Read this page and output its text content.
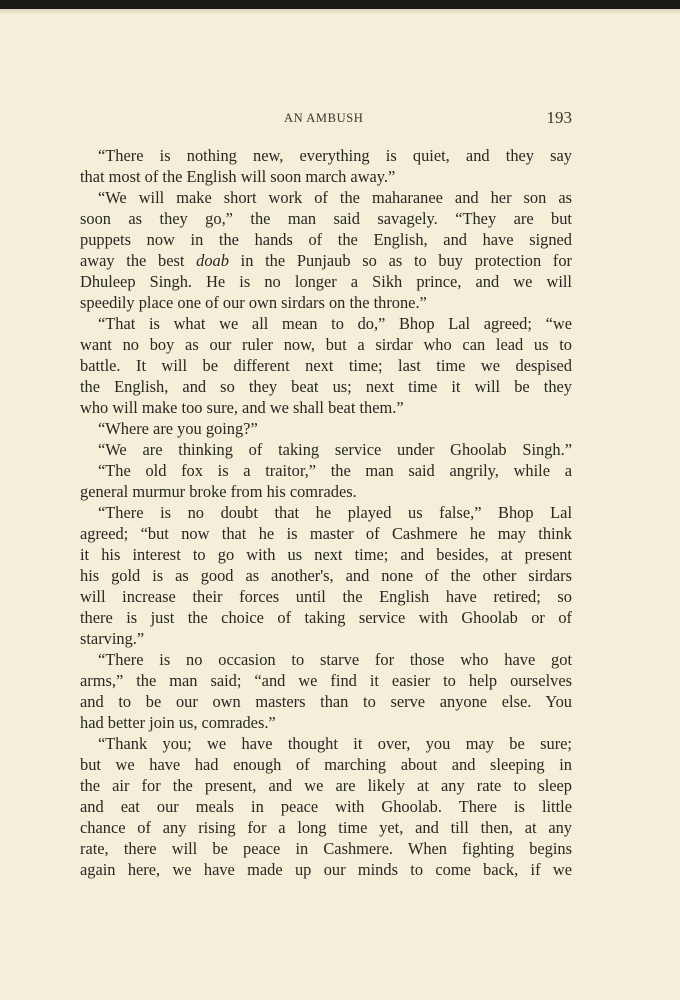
AN AMBUSH	193
“There is nothing new, everything is quiet, and they say
that most of the English will soon march away.”
“We will make short work of the maharanee and her son as
soon as they go,” the man said savagely. “They are but
puppets now in the hands of the English, and have signed
away the best doab in the Punjaub so as to buy protection for
Dhuleep Singh. He is no longer a Sikh prince, and we will
speedily place one of our own sirdars on the throne.”
“That is what we all mean to do,” Bhop Lal agreed; “we
want no boy as our ruler now, but a sirdar who can lead us to
battle. It will be different next time; last time we despised
the English, and so they beat us; next time it will be they
who will make too sure, and we shall beat them.”
“Where are you going?”
“We are thinking of taking service under Ghoolab Singh.”
“The old fox is a traitor,” the man said angrily, while a
general murmur broke from his comrades.
“There is no doubt that he played us false,” Bhop Lal
agreed; “but now that he is master of Cashmere he may think
it his interest to go with us next time; and besides, at present
his gold is as good as another's, and none of the other sirdars
will increase their forces until the English have retired; so
there is just the choice of taking service with Ghoolab or of
starving.”
“There is no occasion to starve for those who have got
arms,” the man said; “and we find it easier to help ourselves
and to be our own masters than to serve anyone else. You
had better join us, comrades.”
“Thank you; we have thought it over, you may be sure;
but we have had enough of marching about and sleeping in
the air for the present, and we are likely at any rate to sleep
and eat our meals in peace with Ghoolab. There is little
chance of any rising for a long time yet, and till then, at any
rate, there will be peace in Cashmere. When fighting begins
again here, we have made up our minds to come back, if we
